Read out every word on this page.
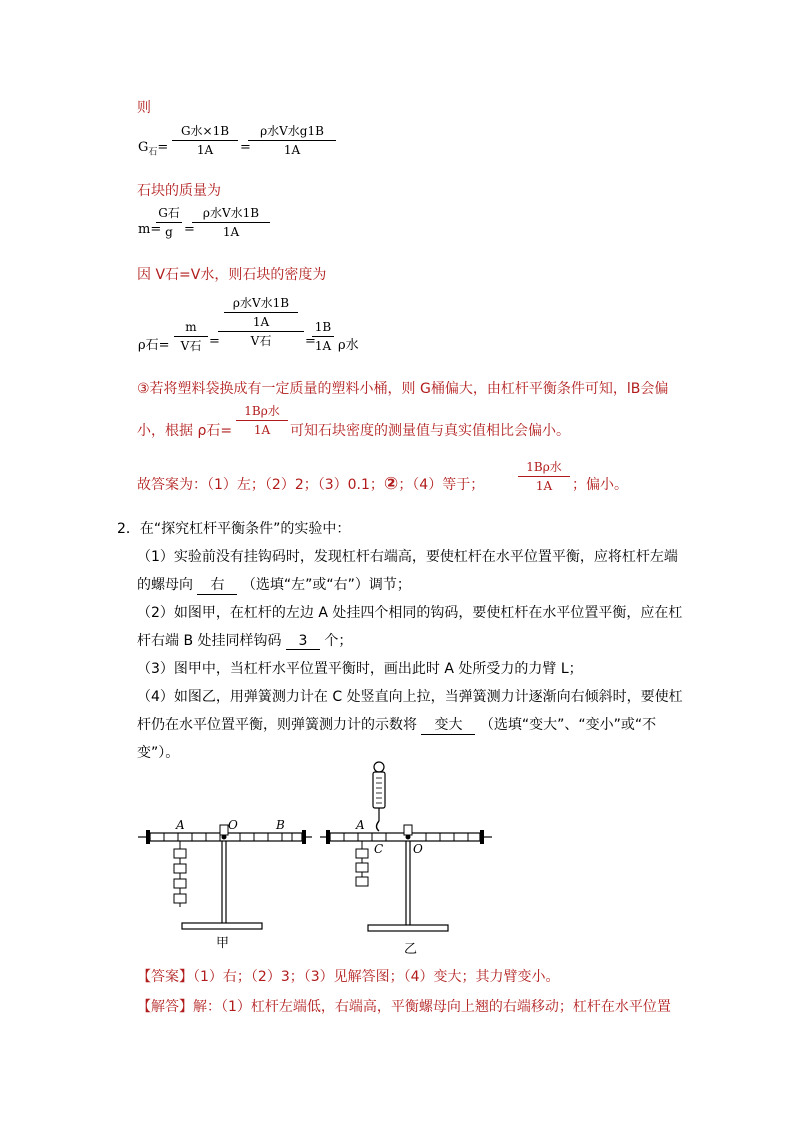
则
$G_石=$
G水×1B
1A	=
ρ水V水g1B
1A
石块的质量为
m=
G石
g =
ρ水V水1B
1A
因 V石=V水，则石块的密度为
ρ石=
m
V石 =
ρ水V水1B
1A
V石	=
1B
1A ρ水
③若将塑料袋换成有一定质量的塑料小桶，则 G桶偏大，由杠杆平衡条件可知，lB会偏
小，根据 ρ石=
1Bρ水
1A	可知石块密度的测量值与真实值相比会偏小。
故答案为：（1）左；（2）2；（3）0.1；②；（4）等于；
1Bρ水
1A	；偏小。
2．在“探究杠杆平衡条件”的实验中：
（1）实验前没有挂钩码时，发现杠杆右端高，要使杠杆在水平位置平衡，应将杠杆左端
的螺母向 右 （选填“左”或“右”）调节；
（2）如图甲，在杠杆的左边 A 处挂四个相同的钩码，要使杠杆在水平位置平衡，应在杠
杆右端 B 处挂同样钩码 3 个；
（3）图甲中，当杠杆水平位置平衡时，画出此时 A 处所受力的力臂 L；
（4）如图乙，用弹簧测力计在 C 处竖直向上拉，当弹簧测力计逐渐向右倾斜时，要使杠
杆仍在水平位置平衡，则弹簧测力计的示数将 变大 （选填“变大”、“变小”或“不
变”）。
A	O	B
甲
A
C O
乙
【答案】（1）右；（2）3；（3）见解答图；（4）变大；其力臂变小。
【解答】解：（1）杠杆左端低，右端高，平衡螺母向上翘的右端移动；杠杆在水平位置
